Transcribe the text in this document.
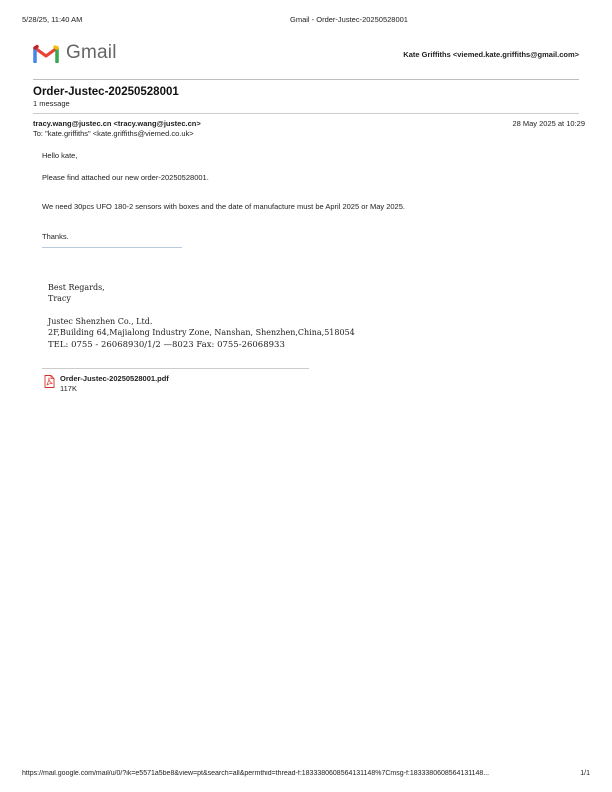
5/28/25, 11:40 AM	Gmail - Order-Justec-20250528001
Gmail	Kate Griffiths <viemed.kate.griffiths@gmail.com>
Order-Justec-20250528001
1 message
tracy.wang@justec.cn <tracy.wang@justec.cn>	28 May 2025 at 10:29
To: "kate.griffiths" <kate.griffiths@viemed.co.uk>
Hello kate,
Please find attached our new order-20250528001.
We need 30pcs UFO 180-2 sensors with boxes and the date of manufacture must be April 2025 or May 2025.
Thanks.
Best Regards,
Tracy
Justec Shenzhen Co., Ltd.
2F,Building 64,Majialong Industry Zone, Nanshan, Shenzhen,China,518054
TEL: 0755 - 26068930/1/2 —8023 Fax: 0755-26068933
Order-Justec-20250528001.pdf
117K
https://mail.google.com/mail/u/0/?ik=e5571a5be8&view=pt&search=all&permthid=thread-f:1833380608564131148%7Cmsg-f:1833380608564131148...	1/1
